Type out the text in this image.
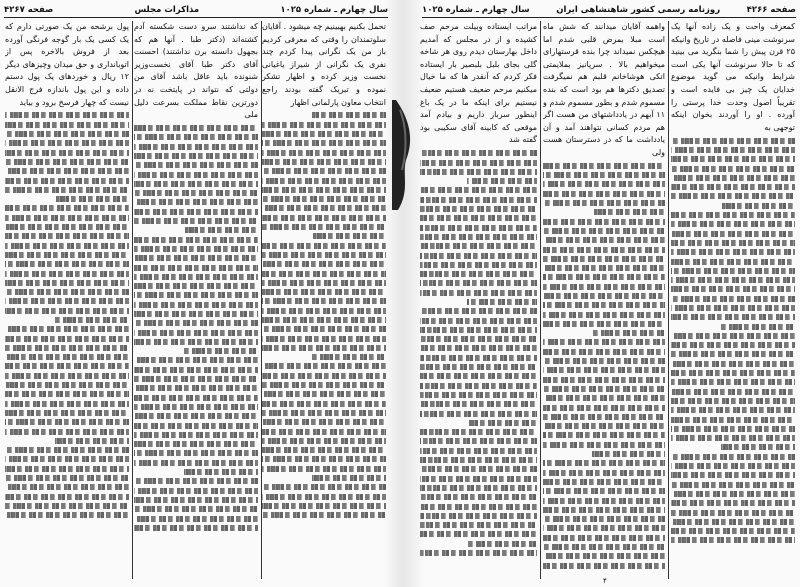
سال چهارم ـ شماره ۱۰۲۵
مذاکرات مجلس
صفحه ۴۲۶۷
تحمل بکنیم بهبینیم چه میشود . آقایان سلوتمندان را وقتی که معرفی کردیم باز من یک نگرانی پیدا کردم چند نفری یک نگرانی از شیراز یاغیانی نخست وزیر کرده و اظهار تشکر نموده و تبریک گفته بودند راجع انتخاب معاون پارلمانی اظهار
که نداشتند سرو دست شکسته آدم کشته‌اند (دکتر طبا . آنها هم که بجهول دانسته برن نداشتند) احسنت آقای دکتر طبا آقای نخست‌وزیر شنونده باید عاقل باشد آقای من دولتی که نتواند در پایتخت نه در دورترین نقاط مملکت بسرعت دلیل ملی
پول برشحه من یک صورتی دارم که یک کسی یک بار گوجه فرنگی آورده بعد از فروش بالاخره پس از اتوبانداری و حق میدان وچیزهای دیگر ۱۲ ریال و خوردهای یک پول دستم داده و این پول باندازه فرج الانقل نیست که چهار فرسخ برود و بیاید
صفحه ۴۲۶۶
روزنامه رسمی کشور شاهنشاهی ایران
سال چهارم ـ شماره ۱۰۲۵
کمعرف واحت و یک زاده آنها یک سرنوشت مینی فاصله در تاریخ وانیکه ۲۵ قرن پیش را شما بنگرید می بینید که تا حالا سرنوشت آنها یکی است شرایط وانیکه می گوید موضوع خدایان یک چیز بی فایده است و تقریباً اصول وحدت خدا پرستی را آورده . او را آوردند بخوان اینکه توجهی به
واهمه آقایان میدانند که شش ماه است مبلا بمرض قلبی شدم اما هیچکس نمیداند چرا بنده قرستهارای میخواهیم بالا . سرپانیز بملایمتی اتکی هوشاخانم قلبم هم نمیگرفت تصدیق دکترها هم بود است که بنده مسموم شدم و بطور مسموم شدم و ۱۱ آبهم در یادداشتهای من هست اگر هم مردم کسانی نتواهند آمد و آن یادداشت ما که در دسترستان هست ولی
مراتب ایستاده وبیلت مرحم صف کشیده و از در مجلس که آمدیم داخل بهارستان دیدم روی هر شاخه گلی بجای بلبل بلبصیر بار ایستاده فکر کردم که آنقدر ها که ما خیال میکنیم مرحم ضعیف هستیم ضعیف نیستیم برای اینکه ما در یک باغ اینطور سرباز داریم و بیادم آمد موقعی که کابینه آقای سکیبی بود گفته شد
۴
